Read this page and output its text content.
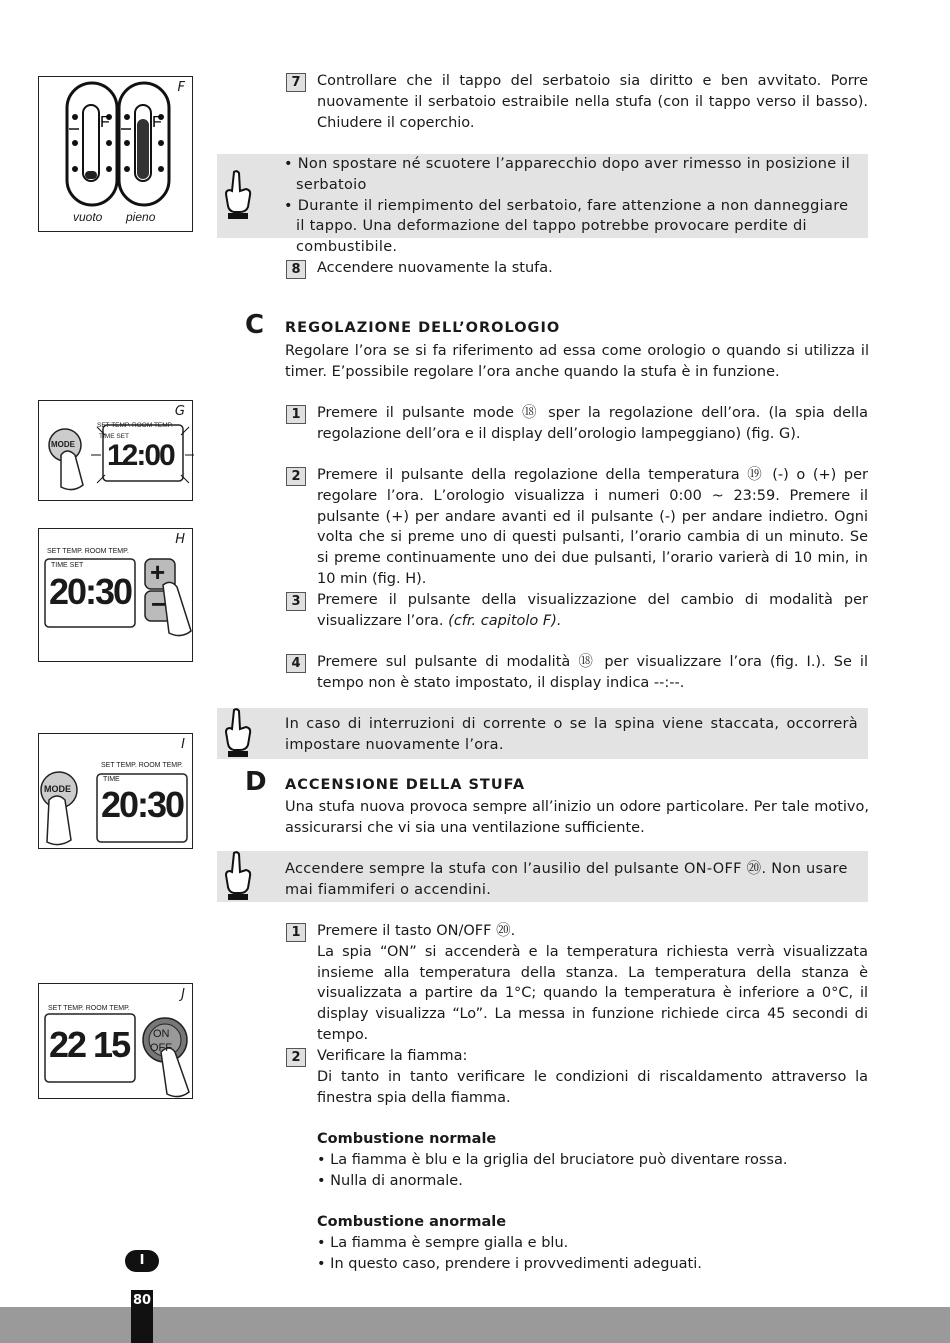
F	F
F
vuoto pieno
G
SET TEMP. ROOM TEMP.
TIME SET
12:00
MODE
H
SET TEMP. ROOM TEMP.
TIME SET
20:30 +
−
I
SET TEMP. ROOM TEMP.
TIME
20:30
MODE
J
SET TEMP. ROOM TEMP.
22 15 ON
OFF
7	Controllare che il tappo del serbatoio sia diritto e ben avvitato. Porre nuovamente il serbatoio estraibile nella stufa (con il tappo verso il basso). Chiudere il coperchio.

• Non spostare né scuotere l’apparecchio dopo aver rimesso in posizione il serbatoio
• Durante il riempimento del serbatoio, fare attenzione a non danneggiare il tappo. Una deformazione del tappo potrebbe provocare perdite di combustibile.
8	Accendere nuovamente la stufa.

C REGOLAZIONE DELL’OROLOGIO

Regolare l’ora se si fa riferimento ad essa come orologio o quando si utilizza il timer. E’possibile regolare l’ora anche quando la stufa è in funzione.

1	Premere il pulsante mode ⑱ sper la regolazione dell’ora. (la spia della regolazione dell’ora e il display dell’orologio lampeggiano) (fig. G).

2	Premere il pulsante della regolazione della temperatura ⑲ (-) o (+) per regolare l’ora. L’orologio visualizza i numeri 0:00 ~ 23:59. Premere il pulsante (+) per andare avanti ed il pulsante (-) per andare indietro. Ogni volta che si preme uno di questi pulsanti, l’orario cambia di un minuto. Se si preme continuamente uno dei due pulsanti, l’orario varierà di 10 min, in 10 min (fig. H).

3	Premere il pulsante della visualizzazione del cambio di modalità per visualizzare l’ora. (cfr. capitolo F).

4	Premere sul pulsante di modalità ⑱ per visualizzare l’ora (fig. I.). Se il tempo non è stato impostato, il display indica --:--.

In caso di interruzioni di corrente o se la spina viene staccata, occorrerà impostare nuovamente l’ora.

D ACCENSIONE DELLA STUFA

Una stufa nuova provoca sempre all’inizio un odore particolare. Per tale motivo, assicurarsi che vi sia una ventilazione sufficiente.

Accendere sempre la stufa con l’ausilio del pulsante ON-OFF ⑳. Non usare mai fiammiferi o accendini.

1	Premere il tasto ON/OFF ⑳.

La spia “ON” si accenderà e la temperatura richiesta verrà visualizzata insieme alla temperatura della stanza. La temperatura della stanza è visualizzata a partire da 1°C; quando la temperatura è inferiore a 0°C, il display visualizza “Lo”. La messa in funzione richiede circa 45 secondi di tempo.

2	Verificare la fiamma:

Di tanto in tanto verificare le condizioni di riscaldamento attraverso la finestra spia della fiamma.

Combustione normale

• La fiamma è blu e la griglia del bruciatore può diventare rossa.

• Nulla di anormale.

Combustione anormale

• La fiamma è sempre gialla e blu.

• In questo caso, prendere i provvedimenti adeguati.

I
80
